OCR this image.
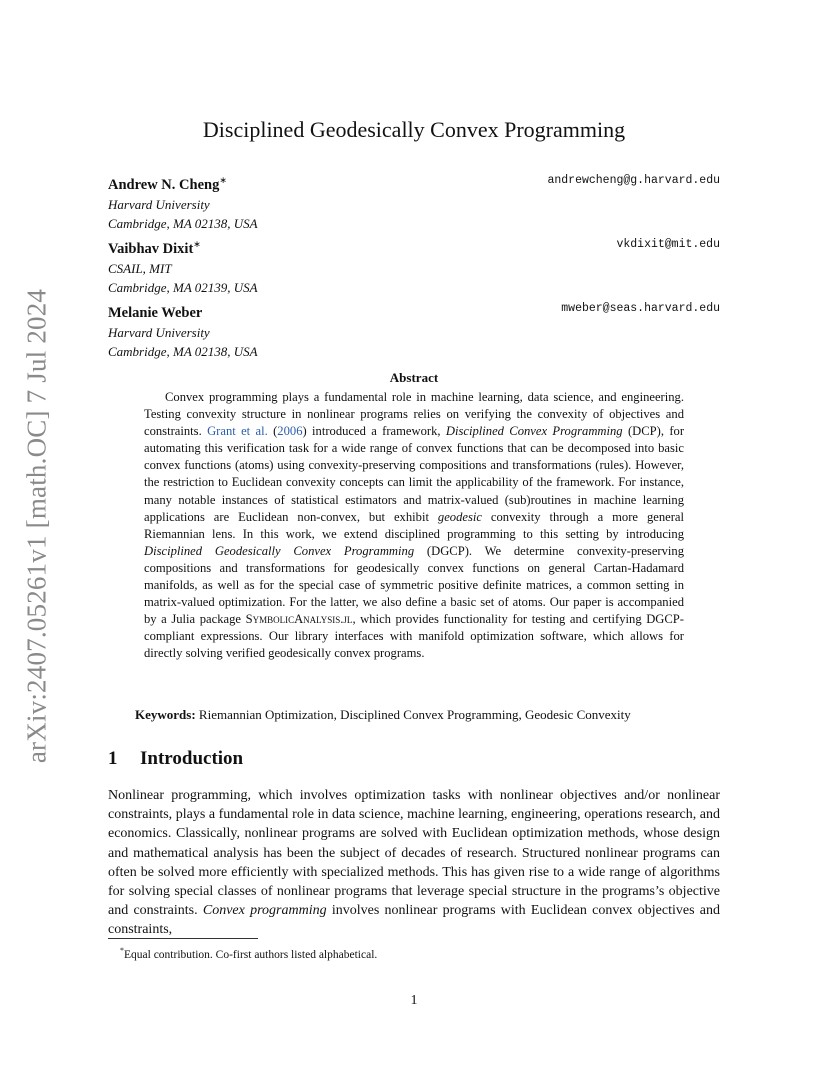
arXiv:2407.05261v1 [math.OC] 7 Jul 2024
Disciplined Geodesically Convex Programming
Andrew N. Cheng∗	andrewcheng@g.harvard.edu
Harvard University
Cambridge, MA 02138, USA
Vaibhav Dixit∗	vkdixit@mit.edu
CSAIL, MIT
Cambridge, MA 02139, USA
Melanie Weber	mweber@seas.harvard.edu
Harvard University
Cambridge, MA 02138, USA
Abstract
Convex programming plays a fundamental role in machine learning, data science, and engineering. Testing convexity structure in nonlinear programs relies on verifying the convexity of objectives and constraints. Grant et al. (2006) introduced a framework, Disciplined Convex Programming (DCP), for automating this verification task for a wide range of convex functions that can be decomposed into basic convex functions (atoms) using convexity-preserving compositions and transformations (rules). However, the restriction to Euclidean convexity concepts can limit the applicability of the framework. For instance, many notable instances of statistical estimators and matrix-valued (sub)routines in machine learning applications are Euclidean non-convex, but exhibit geodesic convexity through a more general Riemannian lens. In this work, we extend disciplined programming to this setting by introducing Disciplined Geodesically Convex Programming (DGCP). We determine convexity-preserving compositions and transformations for geodesically convex functions on general Cartan-Hadamard manifolds, as well as for the special case of symmetric positive definite matrices, a common setting in matrix-valued optimization. For the latter, we also define a basic set of atoms. Our paper is accompanied by a Julia package SymbolicAnalysis.jl, which provides functionality for testing and certifying DGCP-compliant expressions. Our library interfaces with manifold optimization software, which allows for directly solving verified geodesically convex programs.
Keywords: Riemannian Optimization, Disciplined Convex Programming, Geodesic Convexity
1 Introduction
Nonlinear programming, which involves optimization tasks with nonlinear objectives and/or nonlinear constraints, plays a fundamental role in data science, machine learning, engineering, operations research, and economics. Classically, nonlinear programs are solved with Euclidean optimization methods, whose design and mathematical analysis has been the subject of decades of research. Structured nonlinear programs can often be solved more efficiently with specialized methods. This has given rise to a wide range of algorithms for solving special classes of nonlinear programs that leverage special structure in the programs’s objective and constraints. Convex programming involves nonlinear programs with Euclidean convex objectives and constraints,
*Equal contribution. Co-first authors listed alphabetical.
1
